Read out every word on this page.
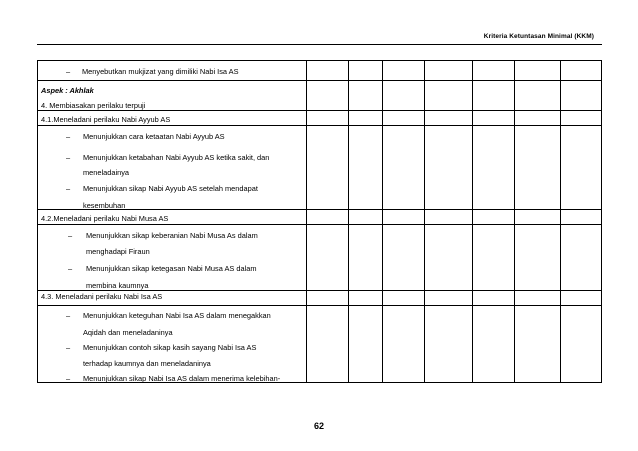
Kriteria Ketuntasan Minimal (KKM)
– Menyebutkan mukjizat yang dimiliki Nabi Isa AS
Aspek : Akhlak
4. Membiasakan perilaku terpuji
4.1.Meneladani perilaku Nabi Ayyub AS
– Menunjukkan cara ketaatan Nabi Ayyub AS
– Menunjukkan ketabahan Nabi Ayyub AS ketika sakit, dan
meneladainya
– Menunjukkan sikap Nabi Ayyub AS setelah mendapat
kesembuhan
4.2.Meneladani perilaku Nabi Musa AS
– Menunjukkan sikap keberanian Nabi Musa As dalam
menghadapi Firaun
– Menunjukkan sikap ketegasan Nabi Musa AS dalam
membina kaumnya
4.3. Meneladani perilaku Nabi Isa AS
– Menunjukkan keteguhan Nabi Isa AS dalam menegakkan
Aqidah dan meneladaninya
– Menunjukkan contoh sikap kasih sayang Nabi Isa AS
terhadap kaumnya dan meneladaninya
– Menunjukkan sikap Nabi Isa AS dalam menerima kelebihan-
62
